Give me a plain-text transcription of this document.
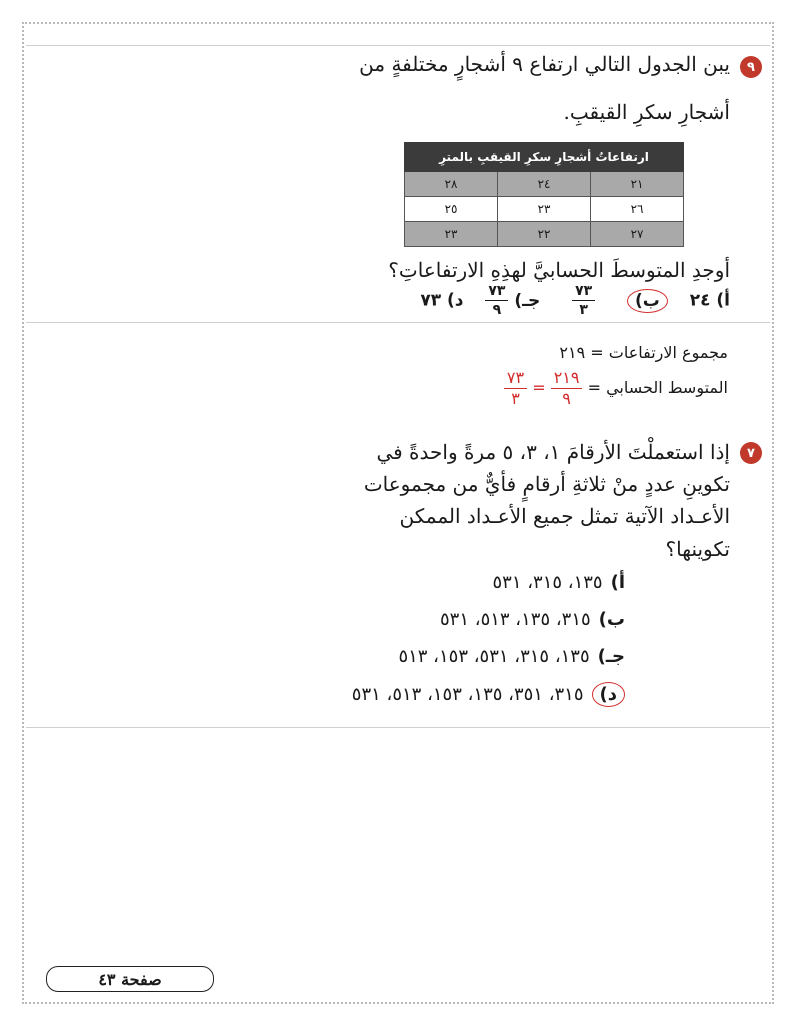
٩
يبن الجدول التالي ارتفاع ٩ أشجارٍ مختلفةٍ من
أشجارِ سكرِ القيقبِ.
ارتفاعاتُ أشجارِ سكرِ القيقبِ بالمترِ		
٢١	٢٤	٢٨
٢٦	٢٣	٢٥
٢٧	٢٢	٢٣
أوجدِ المتوسطَ الحسابيَّ لهذِهِ الارتفاعاتِ؟
أ) ٢٤  ب)
$\frac{٧٣}{٣}$
جـ)
$\frac{٧٣}{٩}$
د) ٧٣
مجموع الارتفاعات = ٢١٩
المتوسط الحسابي =
$\frac{٢١٩}{٩}$
=
$\frac{٧٣}{٣}$
٧
إذا استعملْتَ الأرقامَ ١، ٣، ٥ مرةً واحدةً في
تكوينِ عددٍ منْ ثلاثةِ أرقامٍ فأيٌّ من مجموعات
الأعـداد الآتية تمثل جميع الأعـداد الممكن
تكوينها؟
أ)١٣٥، ٣١٥، ٥٣١
ب)٣١٥، ١٣٥، ٥١٣، ٥٣١
جـ)١٣٥، ٣١٥، ٥٣١، ١٥٣، ٥١٣
د)٣١٥، ٣٥١، ١٣٥، ١٥٣، ٥١٣، ٥٣١
صفحة ٤٣
